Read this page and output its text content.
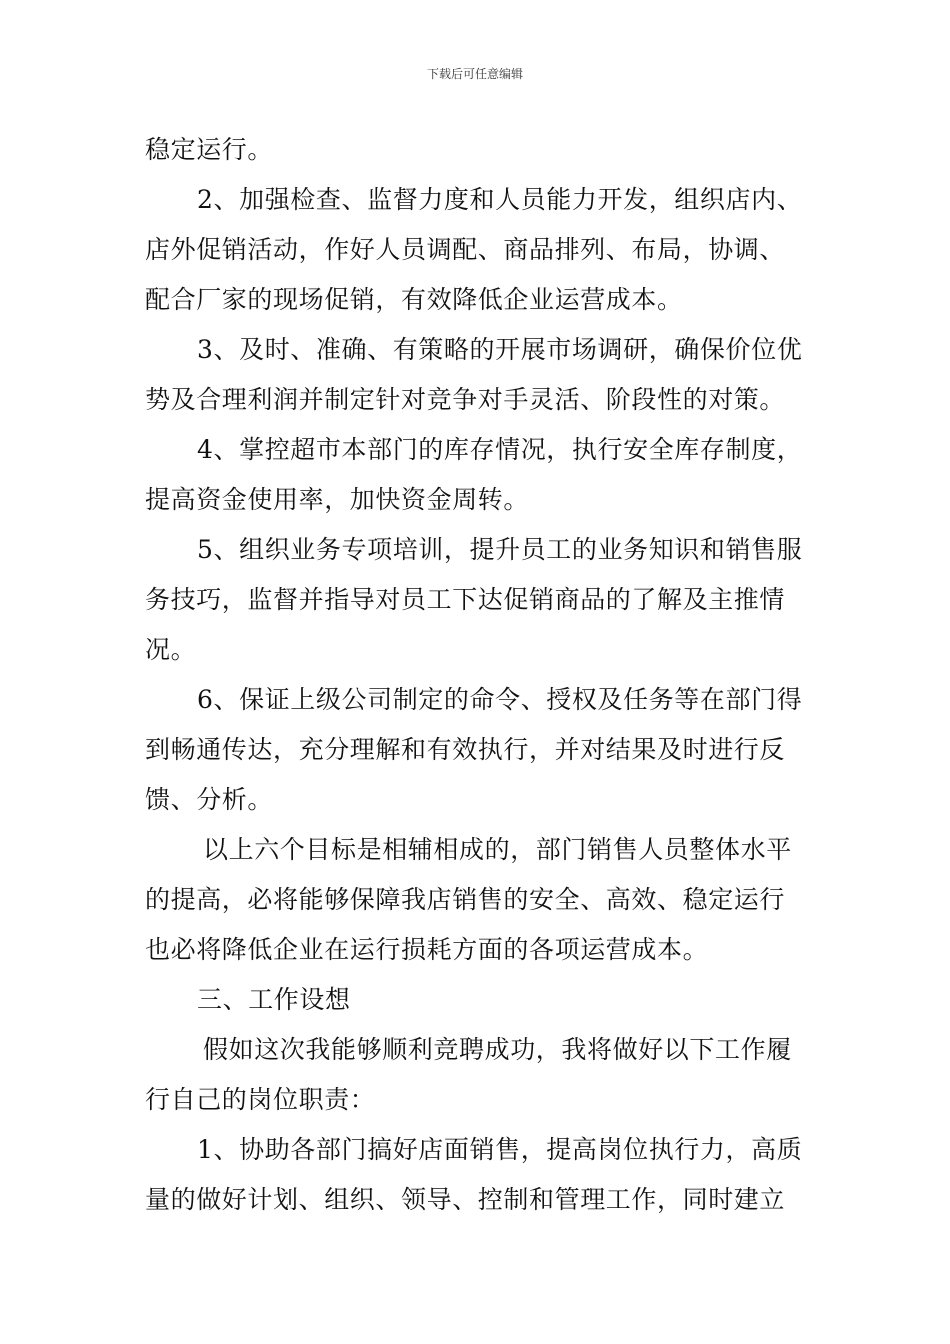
下载后可任意编辑

稳定运行。

2、加强检查、监督力度和人员能力开发，组织店内、
店外促销活动，作好人员调配、商品排列、布局，协调、
配合厂家的现场促销，有效降低企业运营成本。

3、及时、准确、有策略的开展市场调研，确保价位优
势及合理利润并制定针对竞争对手灵活、阶段性的对策。

4、掌控超市本部门的库存情况，执行安全库存制度，
提高资金使用率，加快资金周转。

5、组织业务专项培训，提升员工的业务知识和销售服
务技巧，监督并指导对员工下达促销商品的了解及主推情
况。

6、保证上级公司制定的命令、授权及任务等在部门得
到畅通传达，充分理解和有效执行，并对结果及时进行反
馈、分析。

以上六个目标是相辅相成的，部门销售人员整体水平
的提高，必将能够保障我店销售的安全、高效、稳定运行
也必将降低企业在运行损耗方面的各项运营成本。

三、工作设想

假如这次我能够顺利竞聘成功，我将做好以下工作履
行自己的岗位职责：

1、协助各部门搞好店面销售，提高岗位执行力，高质
量的做好计划、组织、领导、控制和管理工作，同时建立
